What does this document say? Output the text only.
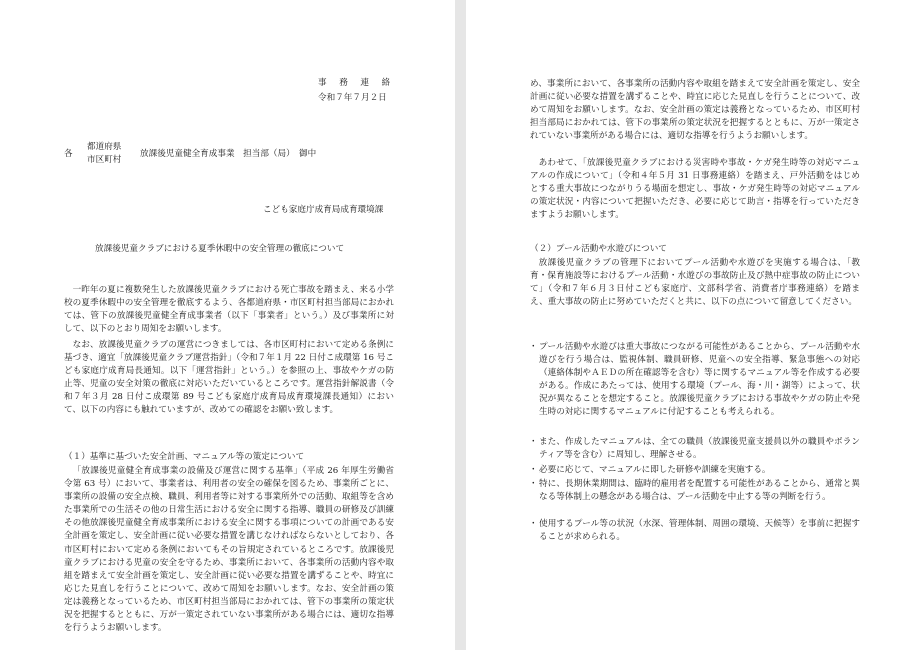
事　務　連　絡

令和７年７月２日

各

都道府県

市区町村

放課後児童健全育成事業　担当部（局）　御中

こども家庭庁成育局成育環境課

放課後児童クラブにおける夏季休暇中の安全管理の徹底について

一昨年の夏に複数発生した放課後児童クラブにおける死亡事故を踏まえ、来る小学校の夏季休暇中の安全管理を徹底するよう、各都道府県・市区町村担当部局におかれては、管下の放課後児童健全育成事業者（以下「事業者」という。）及び事業所に対して、以下のとおり周知をお願いします。

なお、放課後児童クラブの運営につきましては、各市区町村において定める条例に基づき、適宜「放課後児童クラブ運営指針」（令和７年１月 22 日付こ成環第 16 号こども家庭庁成育局長通知。以下「運営指針」という。）を参照の上、事故やケガの防止等、児童の安全対策の徹底に対応いただいているところです。運営指針解説書（令和７年３月 28 日付こ成環第 89 号こども家庭庁成育局成育環境課長通知）において、以下の内容にも触れていますが、改めての確認をお願い致します。

（１）基準に基づいた安全計画、マニュアル等の策定について

「放課後児童健全育成事業の設備及び運営に関する基準」（平成 26 年厚生労働省令第 63 号）において、事業者は、利用者の安全の確保を図るため、事業所ごとに、事業所の設備の安全点検、職員、利用者等に対する事業所外での活動、取組等を含めた事業所での生活その他の日常生活における安全に関する指導、職員の研修及び訓練その他放課後児童健全育成事業所における安全に関する事項についての計画である安全計画を策定し、安全計画に従い必要な措置を講じなければならないとしており、各市区町村において定める条例においてもその旨規定されているところです。放課後児童クラブにおける児童の安全を守るため、事業所において、各事業所の活動内容や取組を踏まえて安全計画を策定し、安全計画に従い必要な措置を講ずることや、時宜に応じた見直しを行うことについて、改めて周知をお願いします。なお、安全計画の策定は義務となっているため、市区町村担当部局におかれては、管下の事業所の策定状況を把握するとともに、万が一策定されていない事業所がある場合には、適切な指導を行うようお願いします。

め、事業所において、各事業所の活動内容や取組を踏まえて安全計画を策定し、安全計画に従い必要な措置を講ずることや、時宜に応じた見直しを行うことについて、改めて周知をお願いします。なお、安全計画の策定は義務となっているため、市区町村担当部局におかれては、管下の事業所の策定状況を把握するとともに、万が一策定されていない事業所がある場合には、適切な指導を行うようお願いします。

あわせて、「放課後児童クラブにおける災害時や事故・ケガ発生時等の対応マニュアルの作成について」（令和４年５月 31 日事務連絡）を踏まえ、戸外活動をはじめとする重大事故につながりうる場面を想定し、事故・ケガ発生時等の対応マニュアルの策定状況・内容について把握いただき、必要に応じて助言・指導を行っていただきますようお願いします。

（２）プール活動や水遊びについて

放課後児童クラブの管理下においてプール活動や水遊びを実施する場合は、「教育・保育施設等におけるプール活動・水遊びの事故防止及び熱中症事故の防止について」（令和７年６月３日付こども家庭庁、文部科学省、消費者庁事務連絡）を踏まえ、重大事故の防止に努めていただくと共に、以下の点について留意してください。

・ プール活動や水遊びは重大事故につながる可能性があることから、プール活動や水遊びを行う場合は、監視体制、職員研修、児童への安全指導、緊急事態への対応（連絡体制やＡＥＤの所在確認等を含む）等に関するマニュアル等を作成する必要がある。作成にあたっては、使用する環境（プール、海・川・湖等）によって、状況が異なることを想定すること。放課後児童クラブにおける事故やケガの防止や発生時の対応に関するマニュアルに付記することも考えられる。

・ また、作成したマニュアルは、全ての職員（放課後児童支援員以外の職員やボランティア等を含む）に周知し、理解させる。

・ 必要に応じて、マニュアルに即した研修や訓練を実施する。

・ 特に、長期休業期間は、臨時的雇用者を配置する可能性があることから、通常と異なる等体制上の懸念がある場合は、プール活動を中止する等の判断を行う。

・ 使用するプール等の状況（水深、管理体制、周囲の環境、天候等）を事前に把握することが求められる。
